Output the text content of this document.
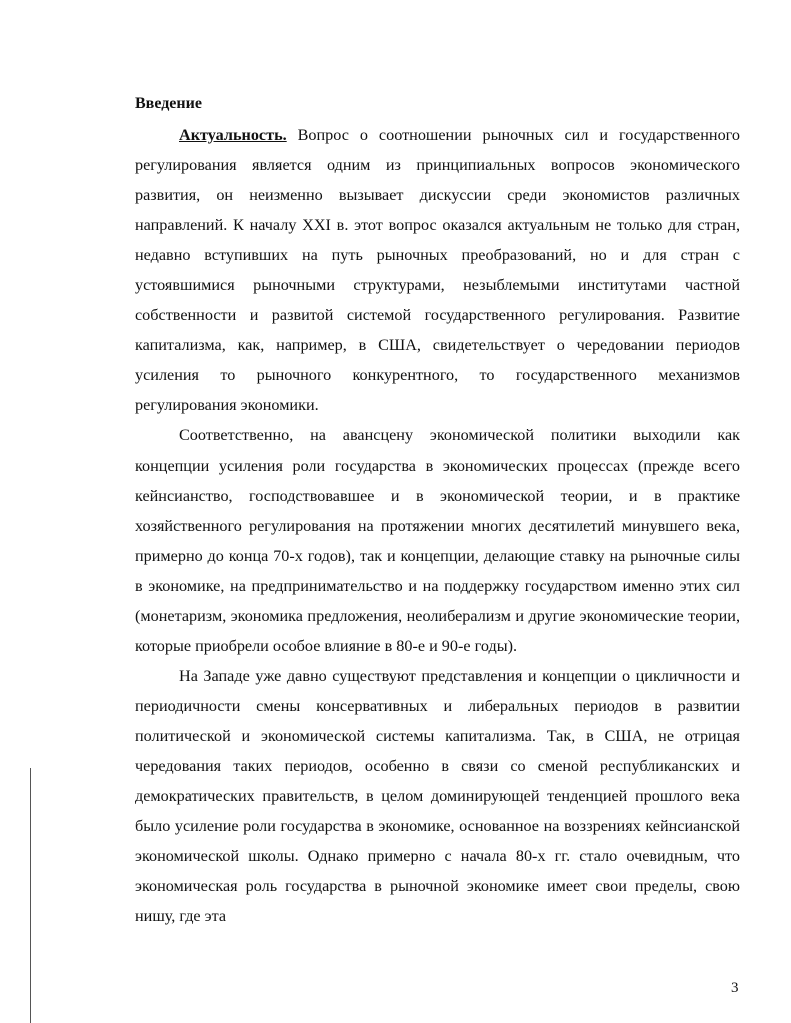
Введение

Актуальность. Вопрос о соотношении рыночных сил и государственного регулирования является одним из принципиальных вопросов экономического развития, он неизменно вызывает дискуссии среди экономистов различных направлений. К началу XXI в. этот вопрос оказался актуальным не только для стран, недавно вступивших на путь рыночных преобразований, но и для стран с устоявшимися рыночными структурами, незыблемыми институтами частной собственности и развитой системой государственного регулирования. Развитие капитализма, как, например, в США, свидетельствует о чередовании периодов усиления то рыночного конкурентного, то государственного механизмов регулирования экономики.

Соответственно, на авансцену экономической политики выходили как концепции усиления роли государства в экономических процессах (прежде всего кейнсианство, господствовавшее и в экономической теории, и в практике хозяйственного регулирования на протяжении многих десятилетий минувшего века, примерно до конца 70-х годов), так и концепции, делающие ставку на рыночные силы в экономике, на предпринимательство и на поддержку государством именно этих сил (монетаризм, экономика предложения, неолиберализм и другие экономические теории, которые приобрели особое влияние в 80-е и 90-е годы).

На Западе уже давно существуют представления и концепции о цикличности и периодичности смены консервативных и либеральных периодов в развитии политической и экономической системы капитализма. Так, в США, не отрицая чередования таких периодов, особенно в связи со сменой республиканских и демократических правительств, в целом доминирующей тенденцией прошлого века было усиление роли государства в экономике, основанное на воззрениях кейнсианской экономической школы. Однако примерно с начала 80-х гг. стало очевидным, что экономическая роль государства в рыночной экономике имеет свои пределы, свою нишу, где эта

3
